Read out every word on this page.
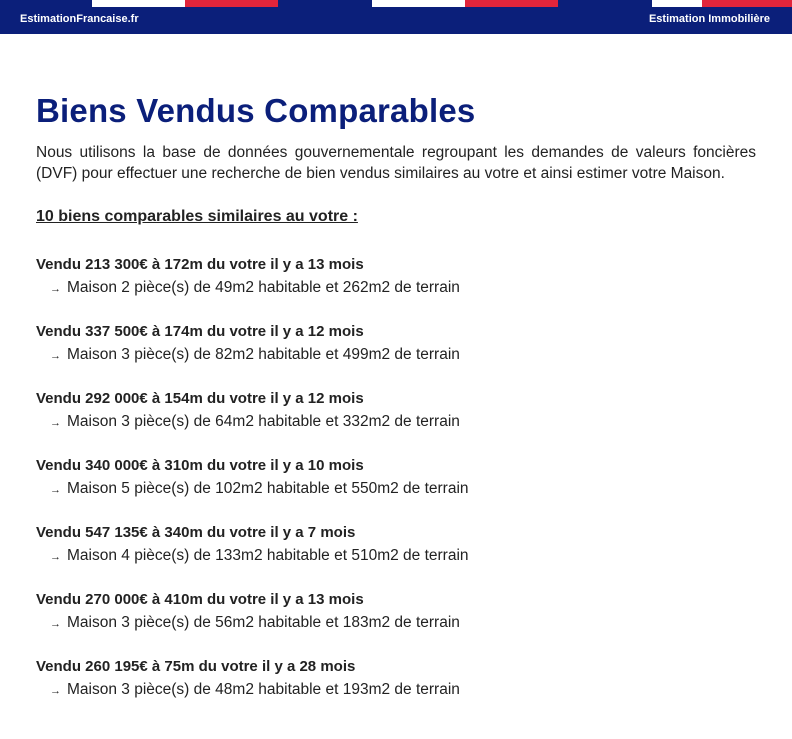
EstimationFrancaise.fr	Estimation Immobilière
Biens Vendus Comparables

Nous utilisons la base de données gouvernementale regroupant les demandes de valeurs foncières (DVF) pour effectuer une recherche de bien vendus similaires au votre et ainsi estimer votre Maison.

10 biens comparables similaires au votre :
Vendu 213 300€ à 172m du votre il y a 13 mois
→ Maison 2 pièce(s) de 49m2 habitable et 262m2 de terrain
Vendu 337 500€ à 174m du votre il y a 12 mois
→ Maison 3 pièce(s) de 82m2 habitable et 499m2 de terrain
Vendu 292 000€ à 154m du votre il y a 12 mois
→ Maison 3 pièce(s) de 64m2 habitable et 332m2 de terrain
Vendu 340 000€ à 310m du votre il y a 10 mois
→ Maison 5 pièce(s) de 102m2 habitable et 550m2 de terrain
Vendu 547 135€ à 340m du votre il y a 7 mois
→ Maison 4 pièce(s) de 133m2 habitable et 510m2 de terrain
Vendu 270 000€ à 410m du votre il y a 13 mois
→ Maison 3 pièce(s) de 56m2 habitable et 183m2 de terrain
Vendu 260 195€ à 75m du votre il y a 28 mois
→ Maison 3 pièce(s) de 48m2 habitable et 193m2 de terrain
